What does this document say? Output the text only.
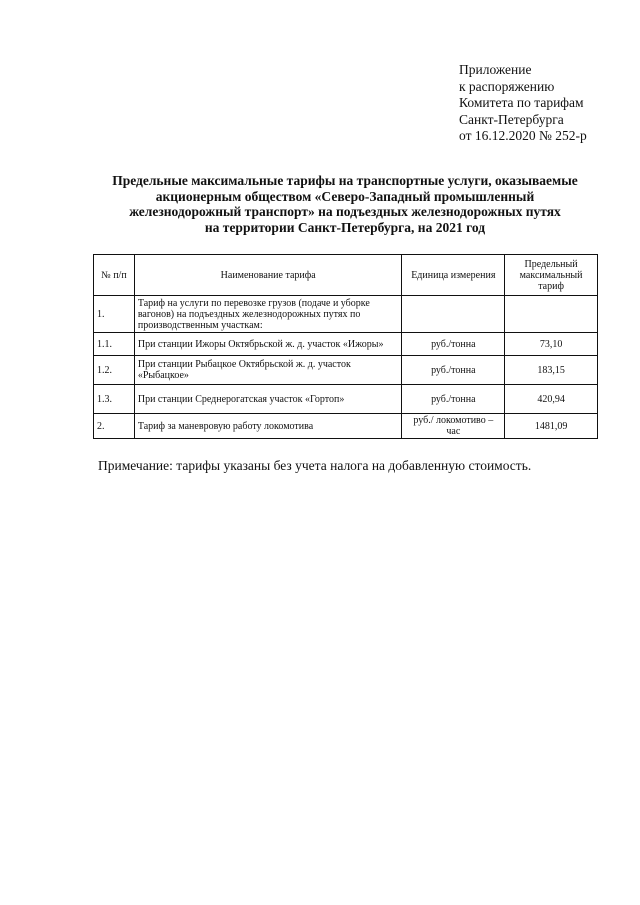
Приложение
к распоряжению
Комитета по тарифам
Санкт-Петербурга
от 16.12.2020 № 252-р
Предельные максимальные тарифы на транспортные услуги, оказываемые
акционерным обществом «Северо-Западный промышленный
железнодорожный транспорт» на подъездных железнодорожных путях
на территории Санкт-Петербурга, на 2021 год
№ п/п	Наименование тарифа	Единица измерения	Предельный максимальный тариф
1.	Тариф на услуги по перевозке грузов (подаче и уборке вагонов) на подъездных железнодорожных путях по производственным участкам:		
1.1.	При станции Ижоры Октябрьской ж. д. участок «Ижоры»	руб./тонна	73,10
1.2.	При станции Рыбацкое Октябрьской ж. д. участок «Рыбацкое»	руб./тонна	183,15
1.3.	При станции Среднерогатская участок «Гортоп»	руб./тонна	420,94
2.	Тариф за маневровую работу локомотива	руб./ локомотиво – час	1481,09
Примечание: тарифы указаны без учета налога на добавленную стоимость.
